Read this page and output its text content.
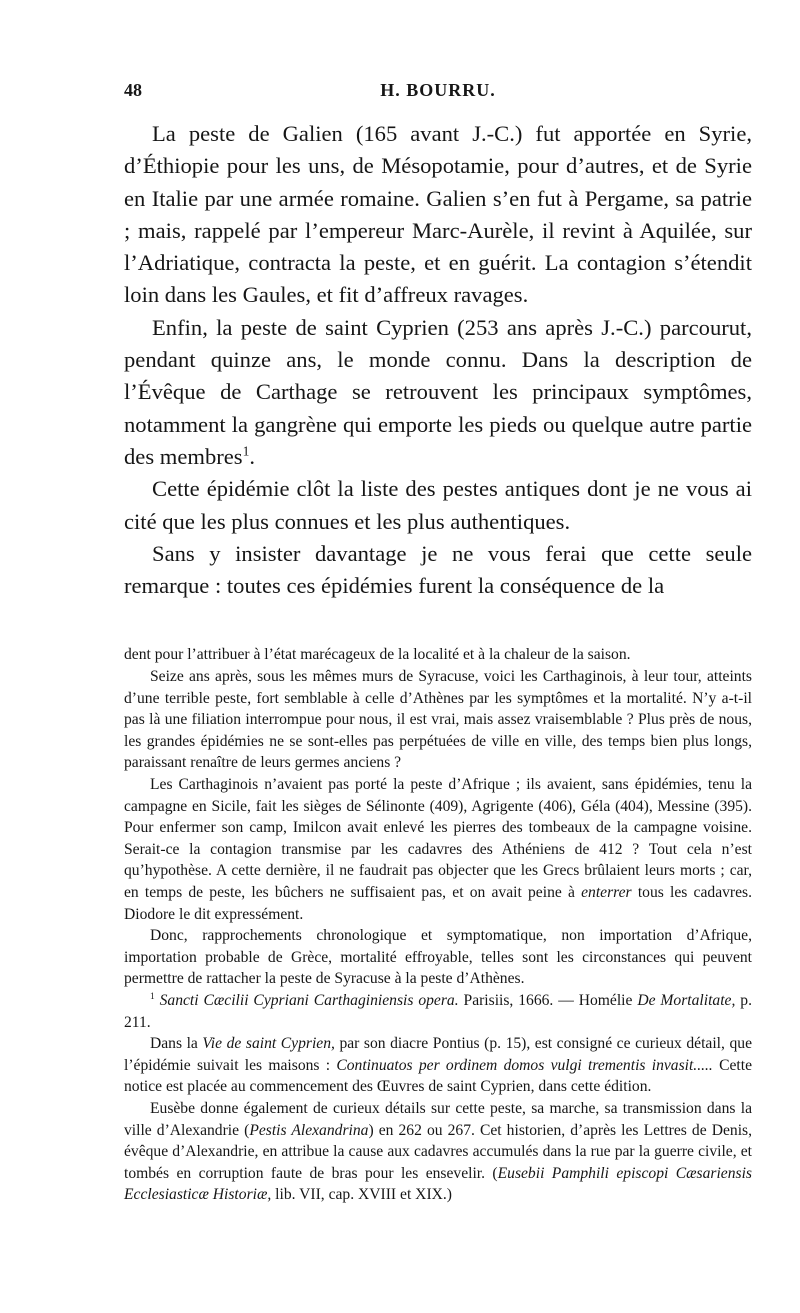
48	H. BOURRU.

La peste de Galien (165 avant J.-C.) fut apportée en Syrie, d’Éthiopie pour les uns, de Mésopotamie, pour d’autres, et de Syrie en Italie par une armée romaine. Galien s’en fut à Pergame, sa patrie ; mais, rappelé par l’empereur Marc-Aurèle, il revint à Aquilée, sur l’Adriatique, contracta la peste, et en guérit. La contagion s’étendit loin dans les Gaules, et fit d’affreux ravages.

Enfin, la peste de saint Cyprien (253 ans après J.-C.) parcourut, pendant quinze ans, le monde connu. Dans la description de l’Évêque de Carthage se retrouvent les principaux symptômes, notamment la gangrène qui emporte les pieds ou quelque autre partie des membres$^1$.

Cette épidémie clôt la liste des pestes antiques dont je ne vous ai cité que les plus connues et les plus authentiques.

Sans y insister davantage je ne vous ferai que cette seule remarque : toutes ces épidémies furent la conséquence de la

dent pour l’attribuer à l’état marécageux de la localité et à la chaleur de la saison.

Seize ans après, sous les mêmes murs de Syracuse, voici les Carthaginois, à leur tour, atteints d’une terrible peste, fort semblable à celle d’Athènes par les symptômes et la mortalité. N’y a-t-il pas là une filiation interrompue pour nous, il est vrai, mais assez vraisemblable ? Plus près de nous, les grandes épidémies ne se sont-elles pas perpétuées de ville en ville, des temps bien plus longs, paraissant renaître de leurs germes anciens ?

Les Carthaginois n’avaient pas porté la peste d’Afrique ; ils avaient, sans épidémies, tenu la campagne en Sicile, fait les sièges de Sélinonte (409), Agrigente (406), Géla (404), Messine (395). Pour enfermer son camp, Imilcon avait enlevé les pierres des tombeaux de la campagne voisine. Serait-ce la contagion transmise par les cadavres des Athéniens de 412 ? Tout cela n’est qu’hypothèse. A cette dernière, il ne faudrait pas objecter que les Grecs brûlaient leurs morts ; car, en temps de peste, les bûchers ne suffisaient pas, et on avait peine à enterrer tous les cadavres. Diodore le dit expressément.

Donc, rapprochements chronologique et symptomatique, non importation d’Afrique, importation probable de Grèce, mortalité effroyable, telles sont les circonstances qui peuvent permettre de rattacher la peste de Syracuse à la peste d’Athènes.

$^1$ Sancti Cæcilii Cypriani Carthaginiensis opera. Parisiis, 1666. — Homélie De Mortalitate, p. 211.

Dans la Vie de saint Cyprien, par son diacre Pontius (p. 15), est consigné ce curieux détail, que l’épidémie suivait les maisons : Continuatos per ordinem domos vulgi trementis invasit..... Cette notice est placée au commencement des Œuvres de saint Cyprien, dans cette édition.

Eusèbe donne également de curieux détails sur cette peste, sa marche, sa transmission dans la ville d’Alexandrie (Pestis Alexandrina) en 262 ou 267. Cet historien, d’après les Lettres de Denis, évêque d’Alexandrie, en attribue la cause aux cadavres accumulés dans la rue par la guerre civile, et tombés en corruption faute de bras pour les ensevelir. (Eusebii Pamphili episcopi Cæsariensis Ecclesiasticæ Historiæ, lib. VII, cap. XVIII et XIX.)
